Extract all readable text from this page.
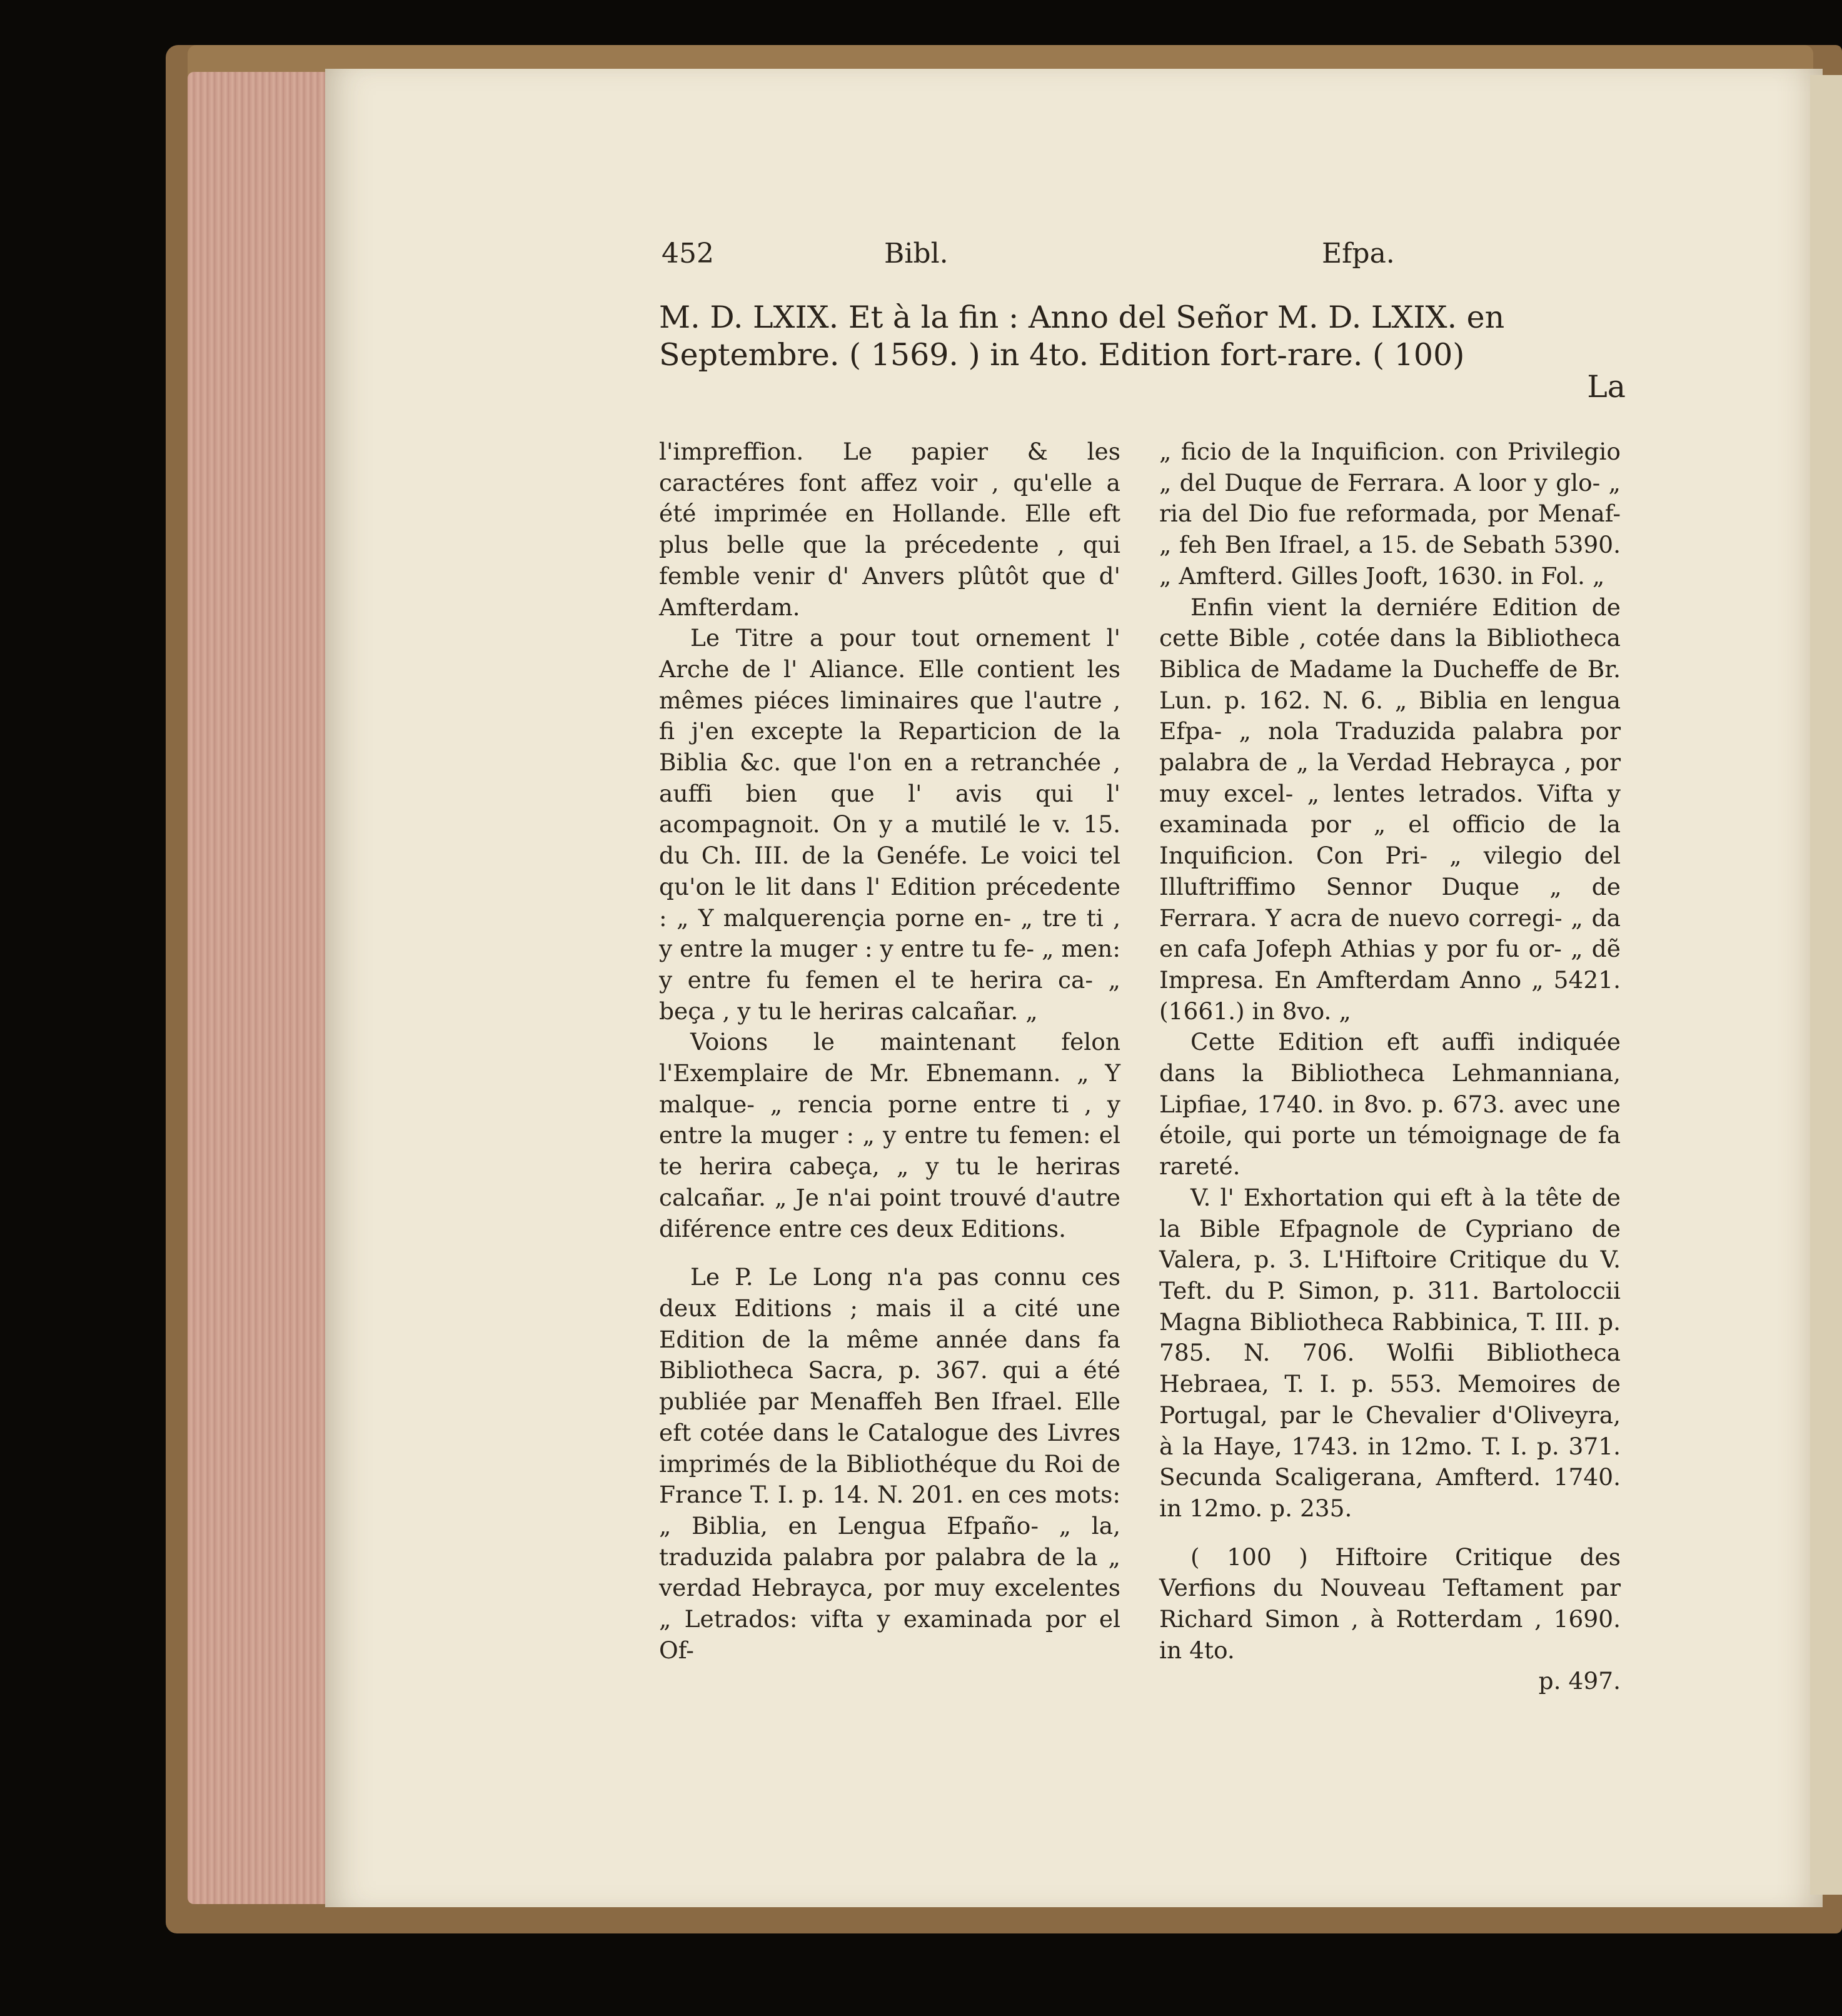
452	Bibl.	Efpa.

M. D. LXIX. Et à la fin : Anno del Señor M. D. LXIX. en

Septembre. ( 1569. ) in 4to. Edition fort-rare. ( 100)

La

l'impreffion. Le papier & les caractéres font affez voir , qu'elle a été imprimée en Hollande. Elle eft plus belle que la précedente , qui femble venir d' Anvers plûtôt que d' Amfterdam.

Le Titre a pour tout ornement l' Arche de l' Aliance. Elle contient les mêmes piéces liminaires que l'autre , fi j'en excepte la Reparticion de la Biblia &c. que l'on en a retranchée , auffi bien que l' avis qui l' acompagnoit. On y a mutilé le v. 15. du Ch. III. de la Genéfe. Le voici tel qu'on le lit dans l' Edition précedente : „ Y malquerençia porne en- „ tre ti , y entre la muger : y entre tu fe- „ men: y entre fu femen el te herira ca- „ beça , y tu le heriras calcañar. „

Voions le maintenant felon l'Exemplaire de Mr. Ebnemann. „ Y malque- „ rencia porne entre ti , y entre la muger : „ y entre tu femen: el te herira cabeça, „ y tu le heriras calcañar. „ Je n'ai point trouvé d'autre diférence entre ces deux Editions.

Le P. Le Long n'a pas connu ces deux Editions ; mais il a cité une Edition de la même année dans fa Bibliotheca Sacra, p. 367. qui a été publiée par Menaffeh Ben Ifrael. Elle eft cotée dans le Catalogue des Livres imprimés de la Bibliothéque du Roi de France T. I. p. 14. N. 201. en ces mots: „ Biblia, en Lengua Efpaño- „ la, traduzida palabra por palabra de la „ verdad Hebrayca, por muy excelentes „ Letrados: vifta y examinada por el Of-

„ ficio de la Inquificion. con Privilegio „ del Duque de Ferrara. A loor y glo- „ ria del Dio fue reformada, por Menaf- „ feh Ben Ifrael, a 15. de Sebath 5390. „ Amfterd. Gilles Jooft, 1630. in Fol. „

Enfin vient la derniére Edition de cette Bible , cotée dans la Bibliotheca Biblica de Madame la Ducheffe de Br. Lun. p. 162. N. 6. „ Biblia en lengua Efpa- „ nola Traduzida palabra por palabra de „ la Verdad Hebrayca , por muy excel- „ lentes letrados. Vifta y examinada por „ el officio de la Inquificion. Con Pri- „ vilegio del Illuftriffimo Sennor Duque „ de Ferrara. Y acra de nuevo corregi- „ da en cafa Jofeph Athias y por fu or- „ dẽ Impresa. En Amfterdam Anno „ 5421. (1661.) in 8vo. „

Cette Edition eft auffi indiquée dans la Bibliotheca Lehmanniana, Lipfiae, 1740. in 8vo. p. 673. avec une étoile, qui porte un témoignage de fa rareté.

V. l' Exhortation qui eft à la tête de la Bible Efpagnole de Cypriano de Valera, p. 3. L'Hiftoire Critique du V. Teft. du P. Simon, p. 311. Bartoloccii Magna Bibliotheca Rabbinica, T. III. p. 785. N. 706. Wolfii Bibliotheca Hebraea, T. I. p. 553. Memoires de Portugal, par le Chevalier d'Oliveyra, à la Haye, 1743. in 12mo. T. I. p. 371. Secunda Scaligerana, Amfterd. 1740. in 12mo. p. 235.

( 100 ) Hiftoire Critique des Verfions du Nouveau Teftament par Richard Simon , à Rotterdam , 1690. in 4to.

p. 497.
